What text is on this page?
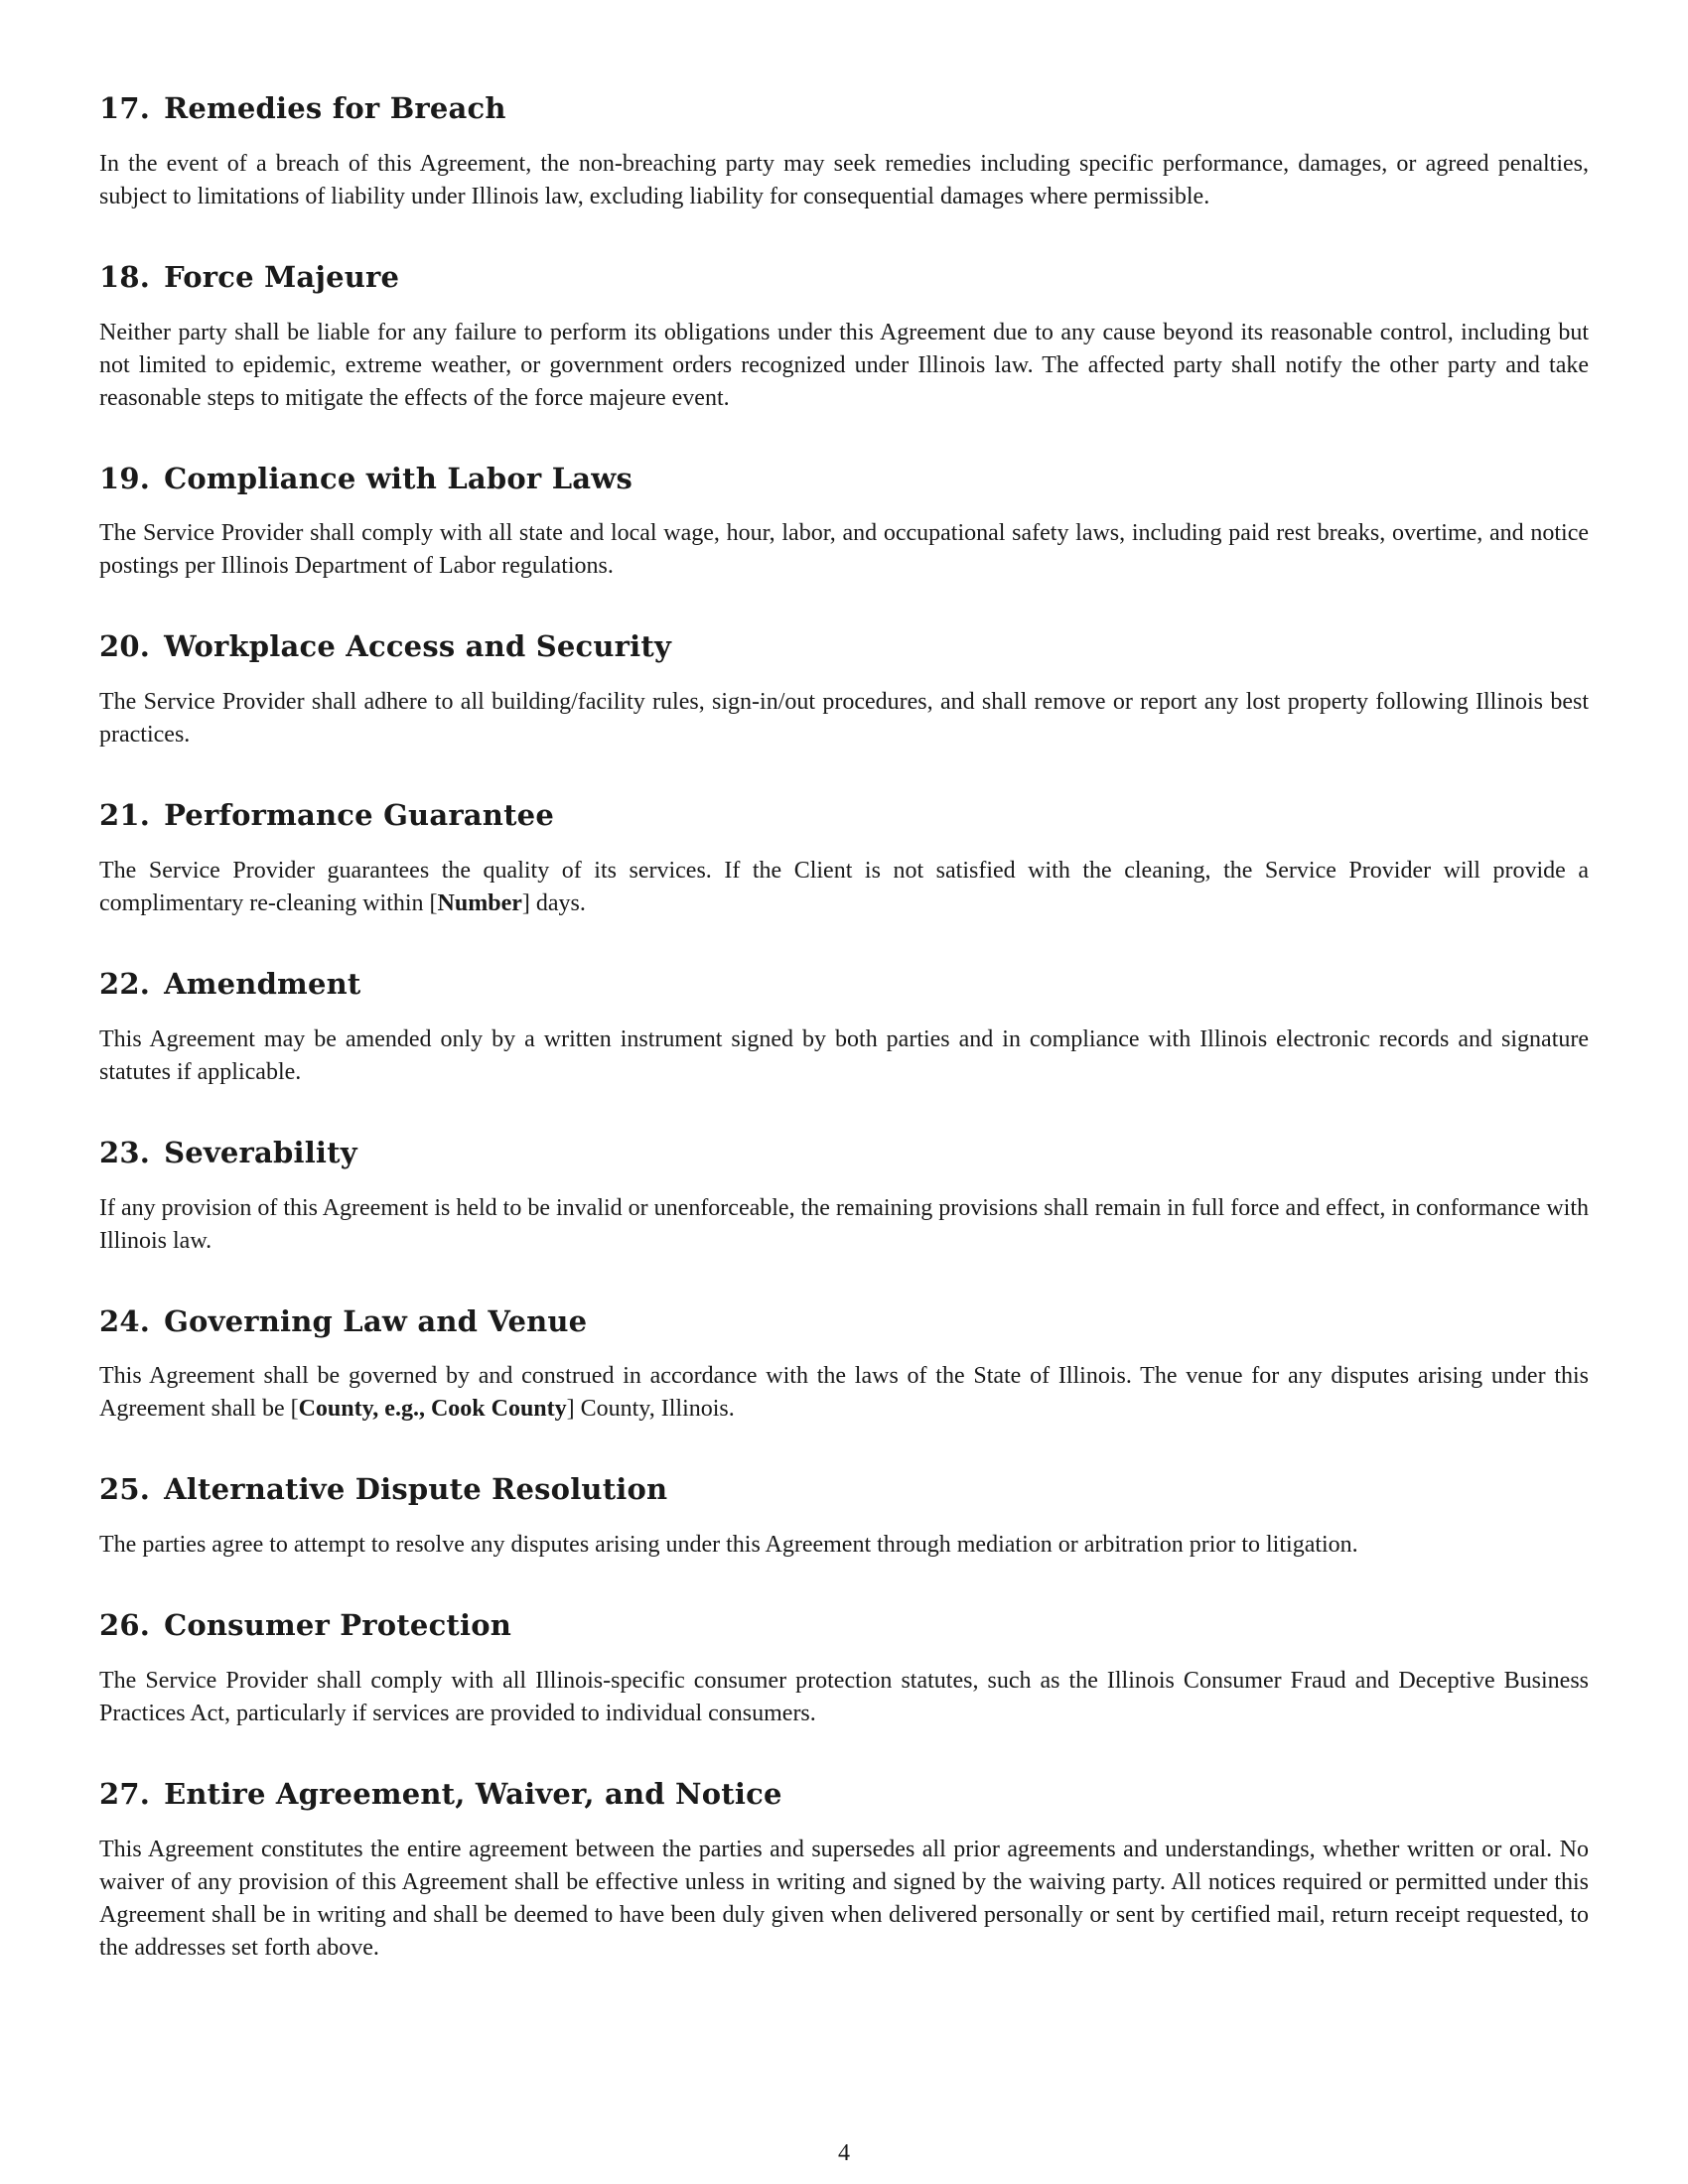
17. Remedies for Breach

In the event of a breach of this Agreement, the non-breaching party may seek remedies including specific performance, damages, or agreed penalties, subject to limitations of liability under Illinois law, excluding liability for consequential damages where permissible.

18. Force Majeure

Neither party shall be liable for any failure to perform its obligations under this Agreement due to any cause beyond its reasonable control, including but not limited to epidemic, extreme weather, or government orders recognized under Illinois law. The affected party shall notify the other party and take reasonable steps to mitigate the effects of the force majeure event.

19. Compliance with Labor Laws

The Service Provider shall comply with all state and local wage, hour, labor, and occupational safety laws, including paid rest breaks, overtime, and notice postings per Illinois Department of Labor regulations.

20. Workplace Access and Security

The Service Provider shall adhere to all building/facility rules, sign-in/out procedures, and shall remove or report any lost property following Illinois best practices.

21. Performance Guarantee

The Service Provider guarantees the quality of its services. If the Client is not satisfied with the cleaning, the Service Provider will provide a complimentary re-cleaning within [Number] days.

22. Amendment

This Agreement may be amended only by a written instrument signed by both parties and in compliance with Illinois electronic records and signature statutes if applicable.

23. Severability

If any provision of this Agreement is held to be invalid or unenforceable, the remaining provisions shall remain in full force and effect, in conformance with Illinois law.

24. Governing Law and Venue

This Agreement shall be governed by and construed in accordance with the laws of the State of Illinois. The venue for any disputes arising under this Agreement shall be [County, e.g., Cook County] County, Illinois.

25. Alternative Dispute Resolution

The parties agree to attempt to resolve any disputes arising under this Agreement through mediation or arbitration prior to litigation.

26. Consumer Protection

The Service Provider shall comply with all Illinois-specific consumer protection statutes, such as the Illinois Consumer Fraud and Deceptive Business Practices Act, particularly if services are provided to individual consumers.

27. Entire Agreement, Waiver, and Notice

This Agreement constitutes the entire agreement between the parties and supersedes all prior agreements and understandings, whether written or oral. No waiver of any provision of this Agreement shall be effective unless in writing and signed by the waiving party. All notices required or permitted under this Agreement shall be in writing and shall be deemed to have been duly given when delivered personally or sent by certified mail, return receipt requested, to the addresses set forth above.

4
